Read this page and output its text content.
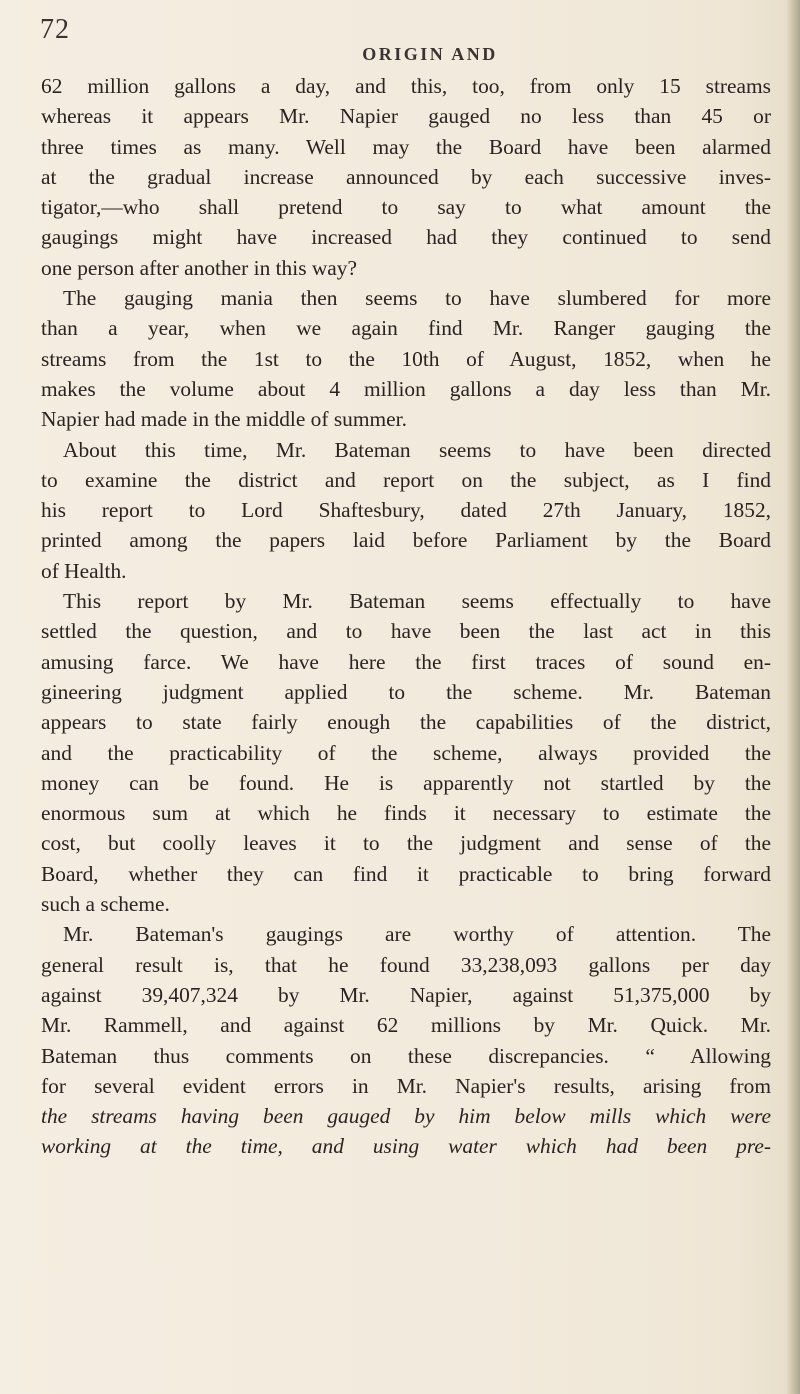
72
ORIGIN AND
62 million gallons a day, and this, too, from only 15 streams
whereas it appears Mr. Napier gauged no less than 45 or
three times as many. Well may the Board have been alarmed
at the gradual increase announced by each successive inves-
tigator,—who shall pretend to say to what amount the
gaugings might have increased had they continued to send
one person after another in this way?
The gauging mania then seems to have slumbered for more
than a year, when we again find Mr. Ranger gauging the
streams from the 1st to the 10th of August, 1852, when he
makes the volume about 4 million gallons a day less than Mr.
Napier had made in the middle of summer.
About this time, Mr. Bateman seems to have been directed
to examine the district and report on the subject, as I find
his report to Lord Shaftesbury, dated 27th January, 1852,
printed among the papers laid before Parliament by the Board
of Health.
This report by Mr. Bateman seems effectually to have
settled the question, and to have been the last act in this
amusing farce. We have here the first traces of sound en-
gineering judgment applied to the scheme. Mr. Bateman
appears to state fairly enough the capabilities of the district,
and the practicability of the scheme, always provided the
money can be found. He is apparently not startled by the
enormous sum at which he finds it necessary to estimate the
cost, but coolly leaves it to the judgment and sense of the
Board, whether they can find it practicable to bring forward
such a scheme.
Mr. Bateman's gaugings are worthy of attention. The
general result is, that he found 33,238,093 gallons per day
against 39,407,324 by Mr. Napier, against 51,375,000 by
Mr. Rammell, and against 62 millions by Mr. Quick. Mr.
Bateman thus comments on these discrepancies. “ Allowing
for several evident errors in Mr. Napier's results, arising from
the streams having been gauged by him below mills which were
working at the time, and using water which had been pre-
